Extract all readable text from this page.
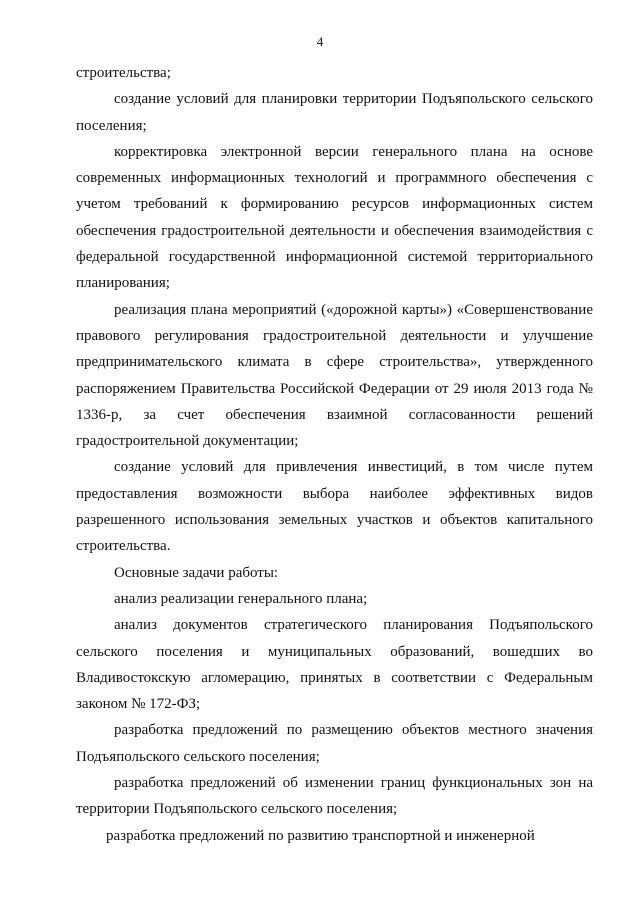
4

строительства;

создание условий для планировки территории Подъяпольского сельского поселения;

корректировка электронной версии генерального плана на основе современных информационных технологий и программного обеспечения с учетом требований к формированию ресурсов информационных систем обеспечения градостроительной деятельности и обеспечения взаимодействия с федеральной государственной информационной системой территориального планирования;

реализация плана мероприятий («дорожной карты») «Совершенствование правового регулирования градостроительной деятельности и улучшение предпринимательского климата в сфере строительства», утвержденного распоряжением Правительства Российской Федерации от 29 июля 2013 года № 1336-р, за счет обеспечения взаимной согласованности решений градостроительной документации;

создание условий для привлечения инвестиций, в том числе путем предоставления возможности выбора наиболее эффективных видов разрешенного использования земельных участков и объектов капитального строительства.

Основные задачи работы:

анализ реализации генерального плана;

анализ документов стратегического планирования Подъяпольского сельского поселения и муниципальных образований, вошедших во Владивостокскую агломерацию, принятых в соответствии с Федеральным законом № 172-ФЗ;

разработка предложений по размещению объектов местного значения Подъяпольского сельского поселения;

разработка предложений об изменении границ функциональных зон на территории Подъяпольского сельского поселения;

разработка предложений по развитию транспортной и инженерной
